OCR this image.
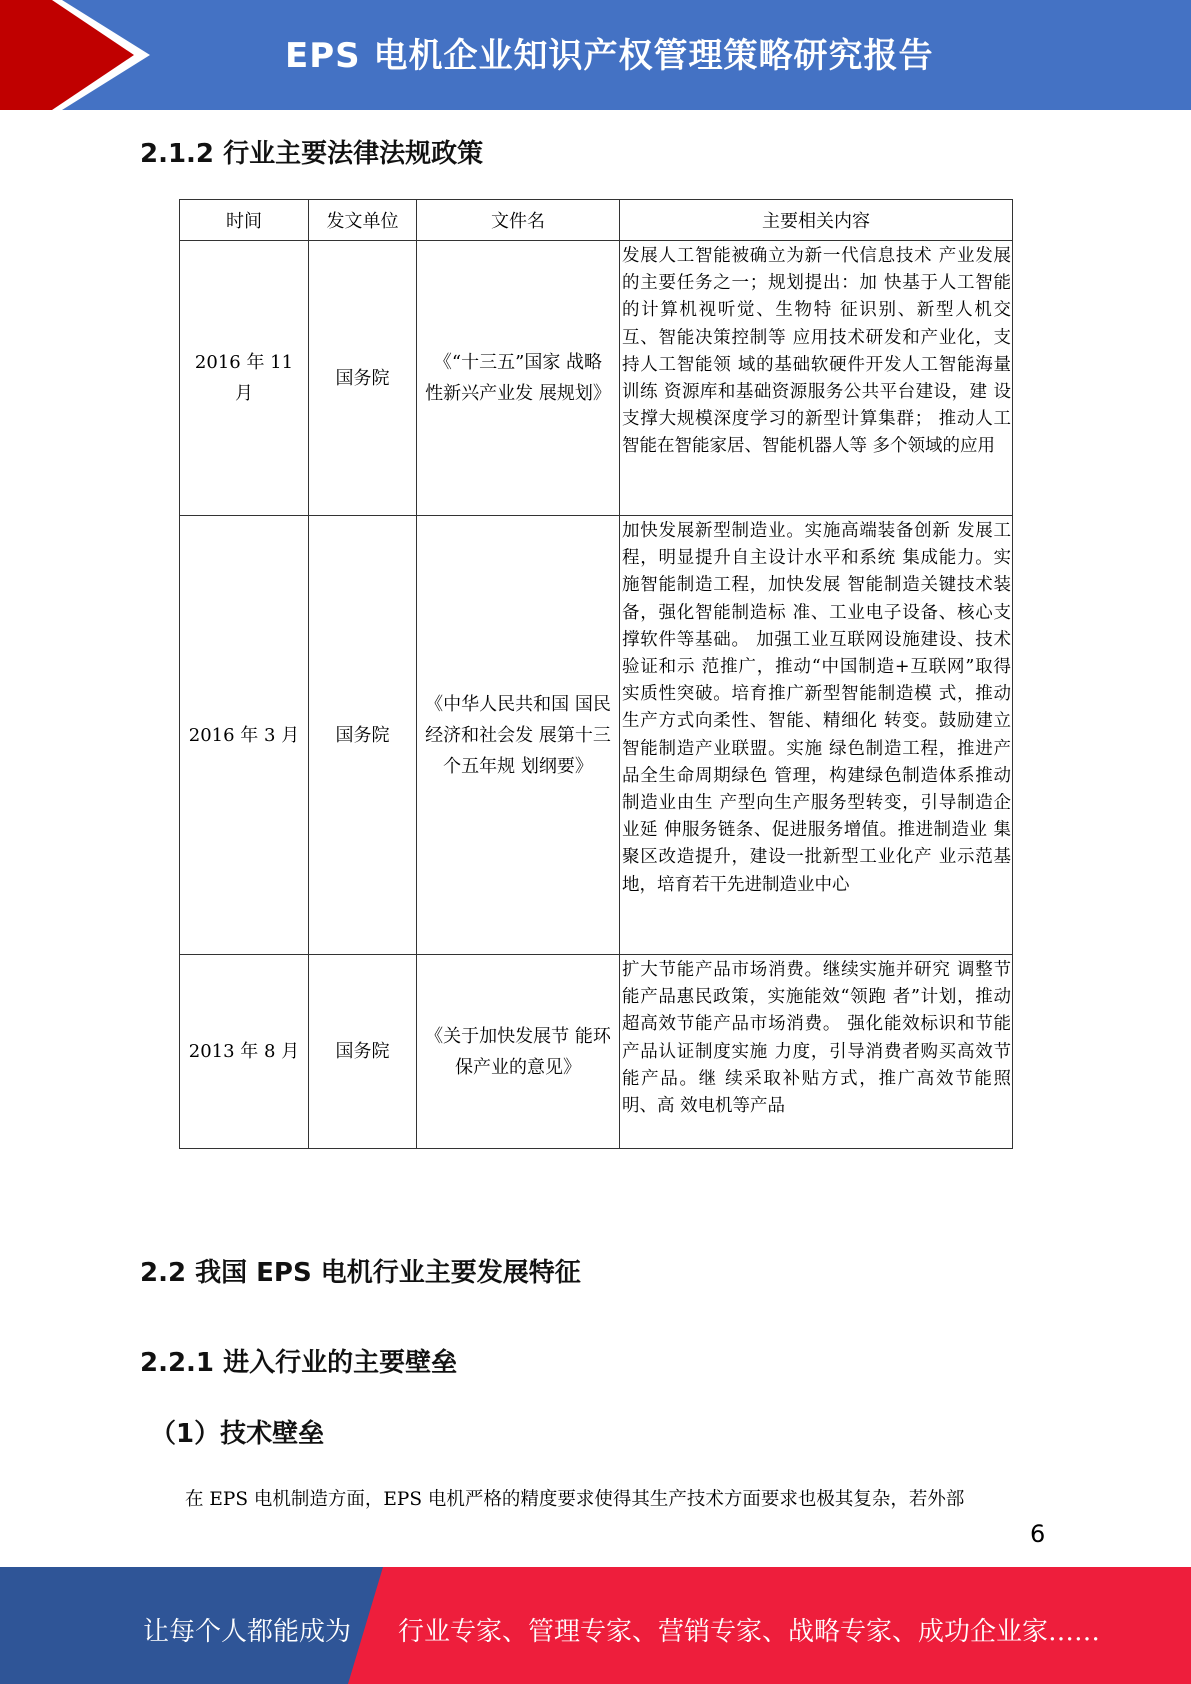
EPS 电机企业知识产权管理策略研究报告
2.1.2 行业主要法律法规政策
时间	发文单位	文件名	主要相关内容
2016 年 11 月	国务院	《“十三五”国家 战略性新兴产业发 展规划》	发展人工智能被确立为新一代信息技术 产业发展的主要任务之一；规划提出：加 快基于人工智能的计算机视听觉、生物特 征识别、新型人机交互、智能决策控制等 应用技术研发和产业化，支持人工智能领 域的基础软硬件开发人工智能海量训练 资源库和基础资源服务公共平台建设，建 设支撑大规模深度学习的新型计算集群； 推动人工智能在智能家居、智能机器人等 多个领域的应用
2016 年 3 月	国务院	《中华人民共和国 国民经济和社会发 展第十三个五年规 划纲要》	加快发展新型制造业。实施高端装备创新 发展工程，明显提升自主设计水平和系统 集成能力。实施智能制造工程，加快发展 智能制造关键技术装备，强化智能制造标 准、工业电子设备、核心支撑软件等基础。 加强工业互联网设施建设、技术验证和示 范推广，推动“中国制造+互联网”取得 实质性突破。培育推广新型智能制造模 式，推动生产方式向柔性、智能、精细化 转变。鼓励建立智能制造产业联盟。实施 绿色制造工程，推进产品全生命周期绿色 管理，构建绿色制造体系推动制造业由生 产型向生产服务型转变，引导制造企业延 伸服务链条、促进服务增值。推进制造业 集聚区改造提升，建设一批新型工业化产 业示范基地，培育若干先进制造业中心
2013 年 8 月	国务院	《关于加快发展节 能环保产业的意见》	扩大节能产品市场消费。继续实施并研究 调整节能产品惠民政策，实施能效“领跑 者”计划，推动超高效节能产品市场消费。 强化能效标识和节能产品认证制度实施 力度，引导消费者购买高效节能产品。继 续采取补贴方式，推广高效节能照明、高 效电机等产品
2.2 我国 EPS 电机行业主要发展特征
2.2.1 进入行业的主要壁垒
（1）技术壁垒
在 EPS 电机制造方面，EPS 电机严格的精度要求使得其生产技术方面要求也极其复杂，若外部
6
让每个人都能成为 行业专家、管理专家、营销专家、战略专家、成功企业家……
